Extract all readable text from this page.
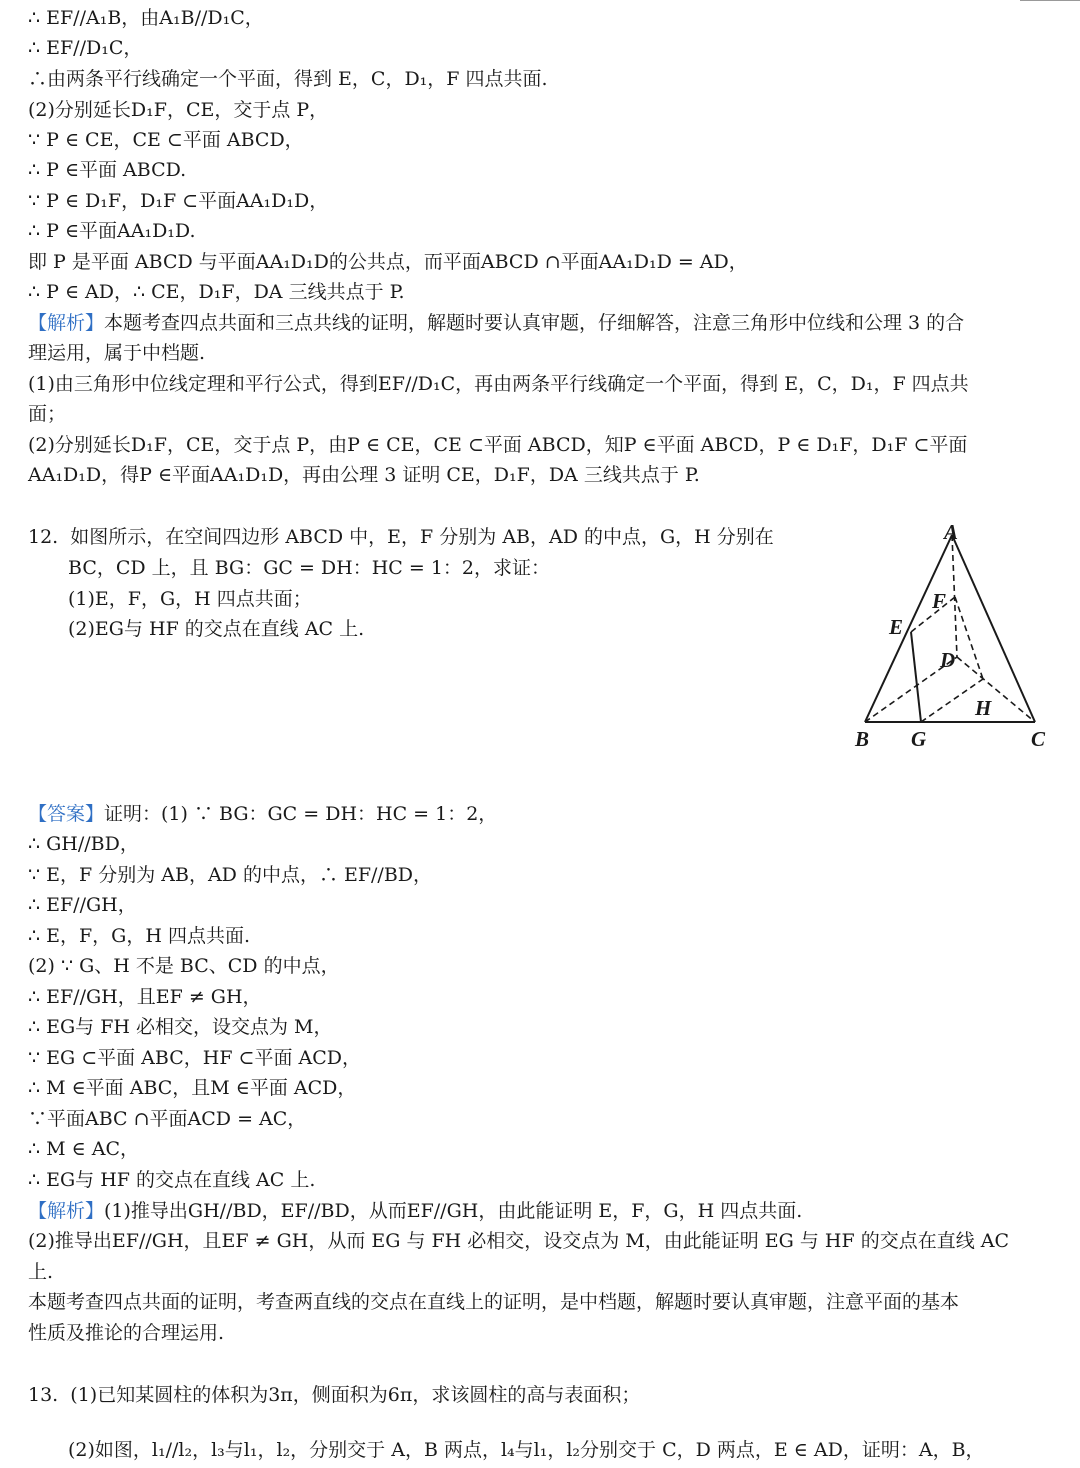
∴ EF//A₁B，由A₁B//D₁C，
∴ EF//D₁C，
∴由两条平行线确定一个平面，得到 E，C，D₁，F 四点共面.
(2)分别延长D₁F，CE，交于点 P，
∵ P ∈ CE，CE ⊂平面 ABCD，
∴ P ∈平面 ABCD.
∵ P ∈ D₁F，D₁F ⊂平面AA₁D₁D，
∴ P ∈平面AA₁D₁D.
即 P 是平面 ABCD 与平面AA₁D₁D的公共点，而平面ABCD ∩平面AA₁D₁D = AD，
∴ P ∈ AD，∴ CE，D₁F，DA 三线共点于 P.
【解析】本题考查四点共面和三点共线的证明，解题时要认真审题，仔细解答，注意三角形中位线和公理 3 的合
理运用，属于中档题.
(1)由三角形中位线定理和平行公式，得到EF//D₁C，再由两条平行线确定一个平面，得到 E，C，D₁，F 四点共
面；
(2)分别延长D₁F，CE，交于点 P，由P ∈ CE，CE ⊂平面 ABCD，知P ∈平面 ABCD，P ∈ D₁F，D₁F ⊂平面
AA₁D₁D，得P ∈平面AA₁D₁D，再由公理 3 证明 CE，D₁F，DA 三线共点于 P.
12.  如图所示，在空间四边形 ABCD 中，E，F 分别为 AB，AD 的中点，G，H 分别在
BC，CD 上，且 BG：GC = DH：HC = 1：2，求证：
(1)E，F，G，H 四点共面；
(2)EG与 HF 的交点在直线 AC 上.
A
F
E
D
H
B G	C
【答案】证明：(1) ∵ BG：GC = DH：HC = 1：2，
∴ GH//BD，
∵ E，F 分别为 AB，AD 的中点，∴ EF//BD，
∴ EF//GH，
∴ E，F，G，H 四点共面.
(2) ∵ G、H 不是 BC、CD 的中点，
∴ EF//GH，且EF ≠ GH，
∴ EG与 FH 必相交，设交点为 M，
∵ EG ⊂平面 ABC，HF ⊂平面 ACD，
∴ M ∈平面 ABC，且M ∈平面 ACD，
∵平面ABC ∩平面ACD = AC，
∴ M ∈ AC，
∴ EG与 HF 的交点在直线 AC 上.
【解析】(1)推导出GH//BD，EF//BD，从而EF//GH，由此能证明 E，F，G，H 四点共面.
(2)推导出EF//GH，且EF ≠ GH，从而 EG 与 FH 必相交，设交点为 M，由此能证明 EG 与 HF 的交点在直线 AC
上.
本题考查四点共面的证明，考查两直线的交点在直线上的证明，是中档题，解题时要认真审题，注意平面的基本
性质及推论的合理运用.
13.  (1)已知某圆柱的体积为3π，侧面积为6π，求该圆柱的高与表面积；
(2)如图，l₁//l₂，l₃与l₁，l₂，分别交于 A，B 两点，l₄与l₁，l₂分别交于 C，D 两点，E ∈ AD，证明：A，B，
